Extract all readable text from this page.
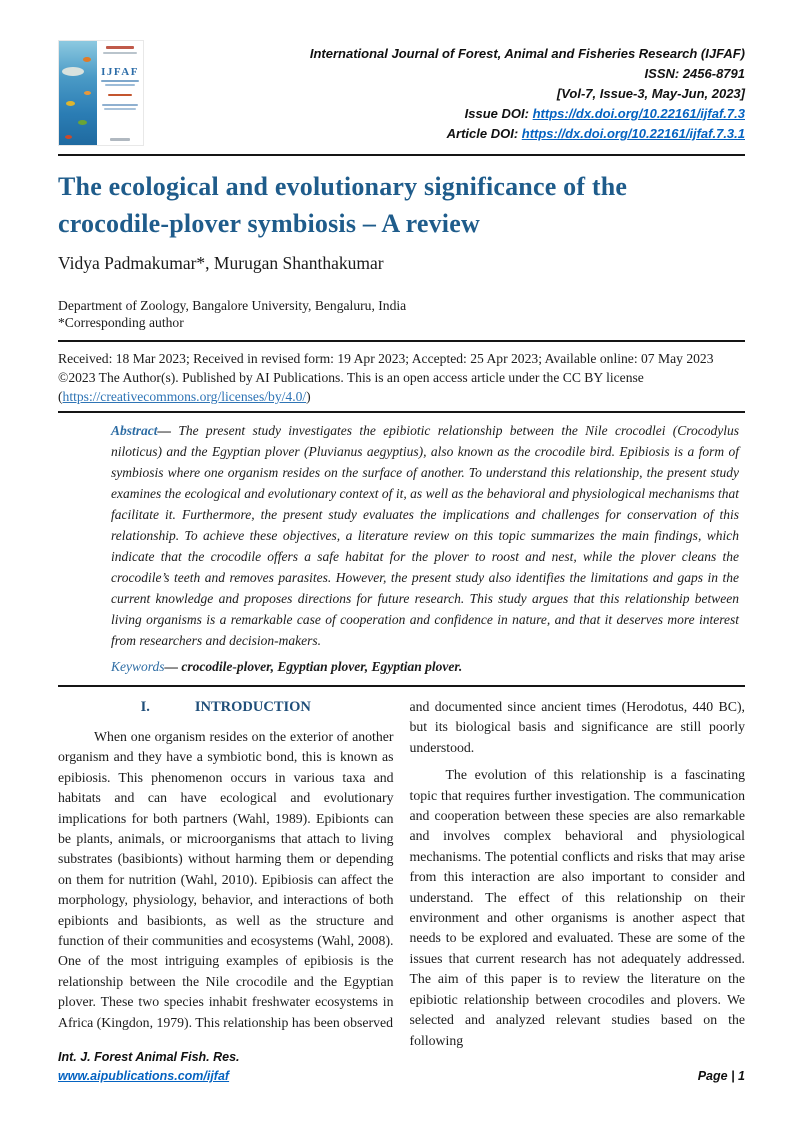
IJFAF
International Journal of Forest, Animal and Fisheries Research (IJFAF)
ISSN: 2456-8791
[Vol-7, Issue-3, May-Jun, 2023]
Issue DOI: https://dx.doi.org/10.22161/ijfaf.7.3
Article DOI: https://dx.doi.org/10.22161/ijfaf.7.3.1
The ecological and evolutionary significance of the crocodile-plover symbiosis – A review
Vidya Padmakumar*, Murugan Shanthakumar
Department of Zoology, Bangalore University, Bengaluru, India
*Corresponding author
Received: 18 Mar 2023; Received in revised form: 19 Apr 2023; Accepted: 25 Apr 2023; Available online: 07 May 2023
©2023 The Author(s). Published by AI Publications. This is an open access article under the CC BY license
(https://creativecommons.org/licenses/by/4.0/)

Abstract— The present study investigates the epibiotic relationship between the Nile crocodlei (Crocodylus niloticus) and the Egyptian plover (Pluvianus aegyptius), also known as the crocodile bird. Epibiosis is a form of symbiosis where one organism resides on the surface of another. To understand this relationship, the present study examines the ecological and evolutionary context of it, as well as the behavioral and physiological mechanisms that facilitate it. Furthermore, the present study evaluates the implications and challenges for conservation of this relationship. To achieve these objectives, a literature review on this topic summarizes the main findings, which indicate that the crocodile offers a safe habitat for the plover to roost and nest, while the plover cleans the crocodile’s teeth and removes parasites. However, the present study also identifies the limitations and gaps in the current knowledge and proposes directions for future research. This study argues that this relationship between living organisms is a remarkable case of cooperation and confidence in nature, and that it deserves more interest from researchers and decision-makers.

Keywords— crocodile-plover, Egyptian plover, Egyptian plover.

I.	INTRODUCTION

When one organism resides on the exterior of another organism and they have a symbiotic bond, this is known as epibiosis. This phenomenon occurs in various taxa and habitats and can have ecological and evolutionary implications for both partners (Wahl, 1989). Epibionts can be plants, animals, or microorganisms that attach to living substrates (basibionts) without harming them or depending on them for nutrition (Wahl, 2010). Epibiosis can affect the morphology, physiology, behavior, and interactions of both epibionts and basibionts, as well as the structure and function of their communities and ecosystems (Wahl, 2008). One of the most intriguing examples of epibiosis is the relationship between the Nile crocodile and the Egyptian plover. These two species inhabit freshwater ecosystems in Africa (Kingdon, 1979). This relationship has been observed

and documented since ancient times (Herodotus, 440 BC), but its biological basis and significance are still poorly understood.

The evolution of this relationship is a fascinating topic that requires further investigation. The communication and cooperation between these species are also remarkable and involves complex behavioral and physiological mechanisms. The potential conflicts and risks that may arise from this interaction are also important to consider and understand. The effect of this relationship on their environment and other organisms is another aspect that needs to be explored and evaluated. These are some of the issues that current research has not adequately addressed. The aim of this paper is to review the literature on the epibiotic relationship between crocodiles and plovers. We selected and analyzed relevant studies based on the following

Int. J. Forest Animal Fish. Res.
www.aipublications.com/ijfaf	Page | 1
